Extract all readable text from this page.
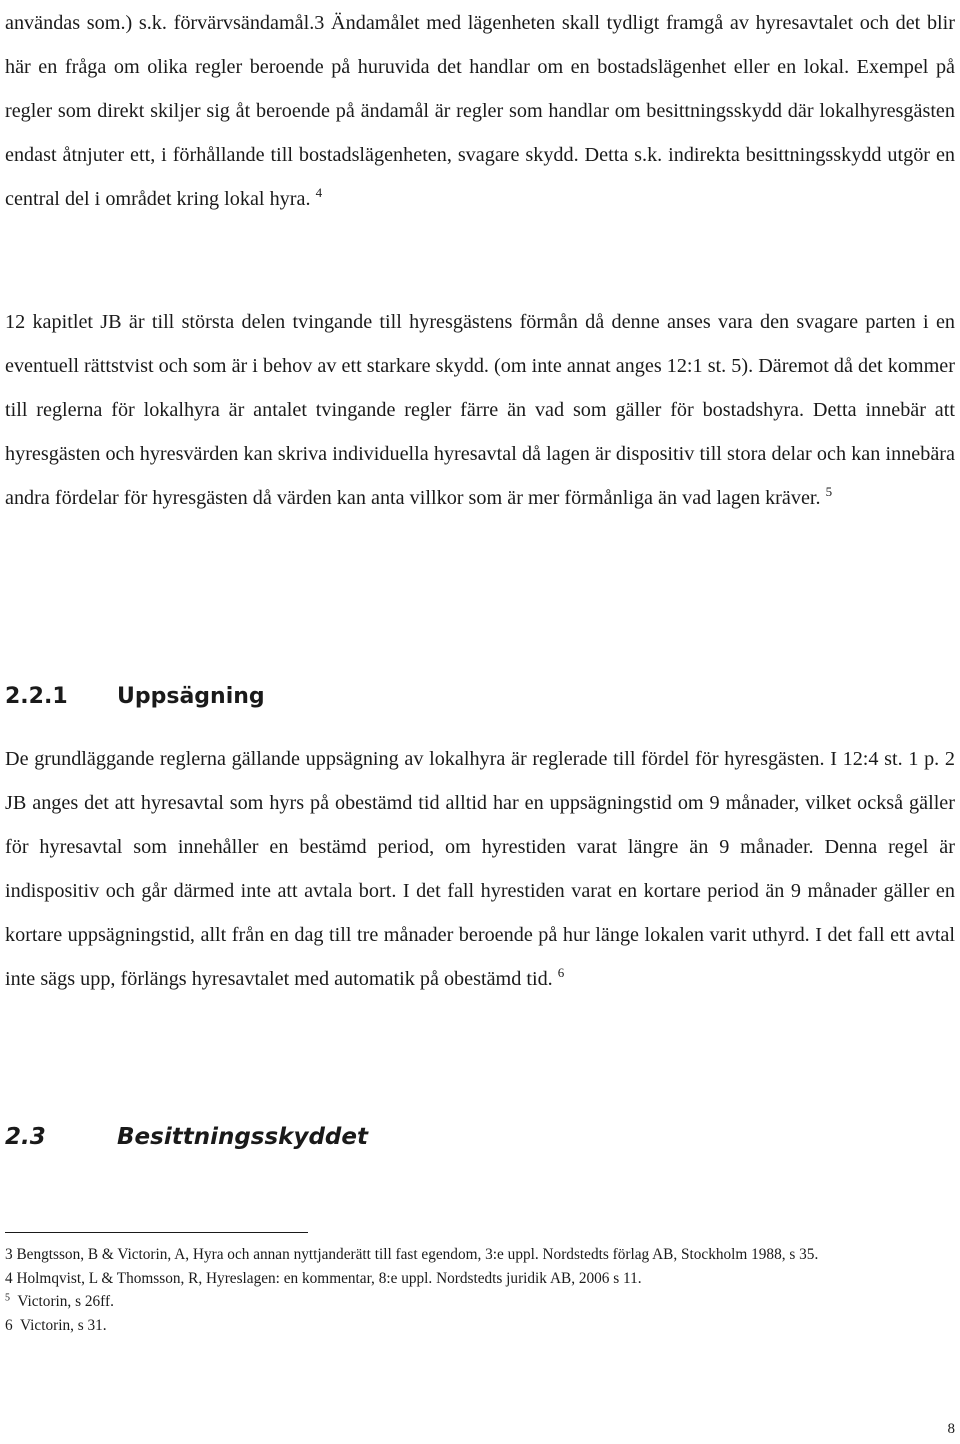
användas som.) s.k. förvärvsändamål.3 Ändamålet med lägenheten skall tydligt framgå av hyresavtalet och det blir här en fråga om olika regler beroende på huruvida det handlar om en bostadslägenhet eller en lokal. Exempel på regler som direkt skiljer sig åt beroende på ändamål är regler som handlar om besittningsskydd där lokalhyresgästen endast åtnjuter ett, i förhållande till bostadslägenheten, svagare skydd. Detta s.k. indirekta besittningsskydd utgör en central del i området kring lokal hyra. $^4$

12 kapitlet JB är till största delen tvingande till hyresgästens förmån då denne anses vara den svagare parten i en eventuell rättstvist och som är i behov av ett starkare skydd. (om inte annat anges 12:1 st. 5). Däremot då det kommer till reglerna för lokalhyra är antalet tvingande regler färre än vad som gäller för bostadshyra. Detta innebär att hyresgästen och hyresvärden kan skriva individuella hyresavtal då lagen är dispositiv till stora delar och kan innebära andra fördelar för hyresgästen då värden kan anta villkor som är mer förmånliga än vad lagen kräver. $^5$

2.2.1 Uppsägning

De grundläggande reglerna gällande uppsägning av lokalhyra är reglerade till fördel för hyresgästen. I 12:4 st. 1 p. 2 JB anges det att hyresavtal som hyrs på obestämd tid alltid har en uppsägningstid om 9 månader, vilket också gäller för hyresavtal som innehåller en bestämd period, om hyrestiden varat längre än 9 månader. Denna regel är indispositiv och går därmed inte att avtala bort. I det fall hyrestiden varat en kortare period än 9 månader gäller en kortare uppsägningstid, allt från en dag till tre månader beroende på hur länge lokalen varit uthyrd. I det fall ett avtal inte sägs upp, förlängs hyresavtalet med automatik på obestämd tid. $^6$

2.3	Besittningsskyddet

3 Bengtsson, B & Victorin, A, Hyra och annan nyttjanderätt till fast egendom, 3:e uppl. Nordstedts förlag AB, Stockholm 1988, s 35.

4 Holmqvist, L & Thomsson, R, Hyreslagen: en kommentar, 8:e uppl. Nordstedts juridik AB, 2006 s 11.

$^5$ Victorin, s 26ff.

6 Victorin, s 31.

8
